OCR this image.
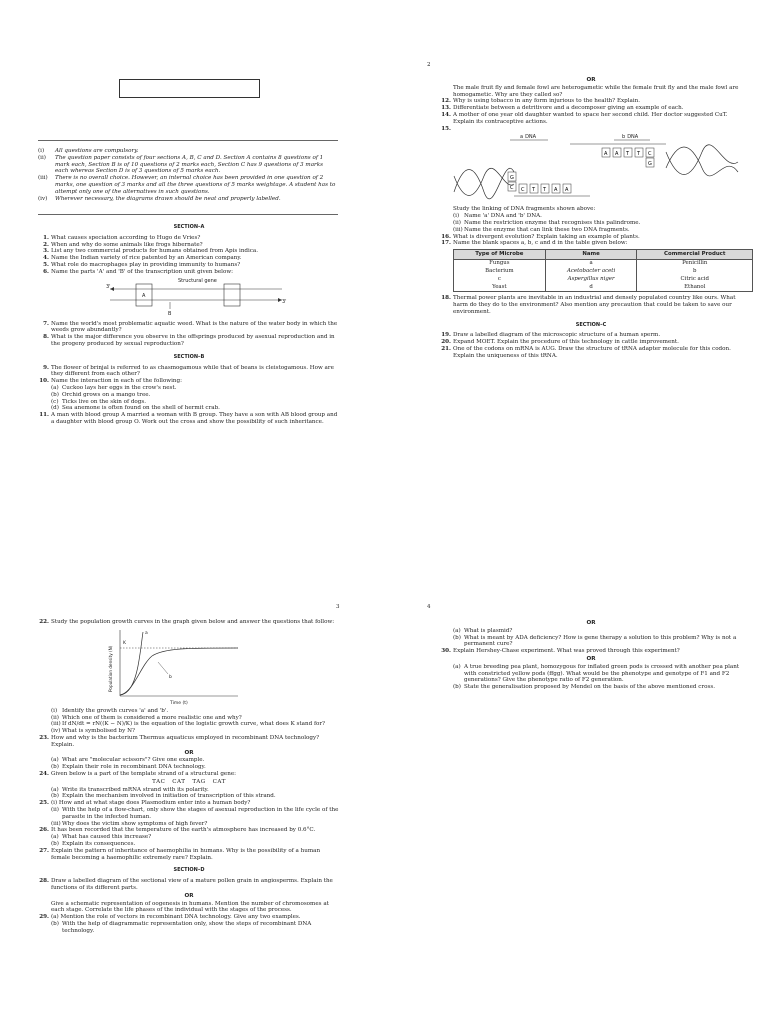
(i)	All questions are compulsory.
(ii)	The question paper consists of four sections A, B, C and D. Section A contains 8 questions of 1 mark each, Section B is of 10 questions of 2 marks each, Section C has 9 questions of 3 marks each whereas Section D is of 3 questions of 5 marks each.
(iii)	There is no overall choice. However, an internal choice has been provided in one question of 2 marks, one question of 3 marks and all the three questions of 5 marks weightage. A student has to attempt only one of the alternatives in such questions.
(iv)	Wherever necessary, the diagrams drawn should be neat and properly labelled.
SECTION–A
1. What causes speciation according to Hugo de Vries?
2. When and why do some animals like frogs hibernate?
3. List any two commercial products for humans obtained from Apis indica.
4. Name the Indian variety of rice patented by an American company.
5. What role do macrophages play in providing immunity to humans?
6. Name the parts 'A' and 'B' of the transcription unit given below:
Structural gene
3'
3'
A
B
7. Name the world's most problematic aquatic weed. What is the nature of the water body in which the weeds grow abundantly?
8. What is the major difference you observe in the offsprings produced by asexual reproduction and in the progeny produced by sexual reproduction?
SECTION–B
9. The flower of brinjal is referred to as chasmogamous while that of beans is cleistogamous. How are they different from each other?
10. Name the interaction in each of the following:
(a) Cuckoo lays her eggs in the crow's nest.
(b) Orchid grows on a mango tree.
(c) Ticks live on the skin of dogs.
(d) Sea anemone is often found on the shell of hermit crab.
11. A man with blood group A married a woman with B group. They have a son with AB blood group and a daughter with blood group O. Work out the cross and show the possibility of such inheritance.
2
OR
The male fruit fly and female fowl are heterogametic while the female fruit fly and the male fowl are homogametic. Why are they called so?
12. Why is using tobacco in any form injurious to the health? Explain.
13. Differentiate between a detritivore and a decomposer giving an example of each.
14. A mother of one year old daughter wanted to space her second child. Her doctor suggested CuT. Explain its contraceptive actions.
15.
a DNA	b DNA
A A T T C
G
G
C C T T A A
Study the linking of DNA fragments shown above:
(i) Name 'a' DNA and 'b' DNA.
(ii) Name the restriction enzyme that recognises this palindrome.
(iii) Name the enzyme that can link these two DNA fragments.
16. What is divergent evolution? Explain taking an example of plants.
17. Name the blank spaces a, b, c and d in the table given below:
Type of Microbe	Name	Commercial Product
Fungus	a	Penicillin
Bacterium	Acetobacter aceti	b
c	Aspergillus niger	Citric acid
Yeast	d	Ethanol
18. Thermal power plants are inevitable in an industrial and densely populated country like ours. What harm do they do to the environment? Also mention any precaution that could be taken to save our environment.
SECTION–C
19. Draw a labelled diagram of the microscopic structure of a human sperm.
20. Expand MOET. Explain the procedure of this technology in cattle improvement.
21. One of the codons on mRNA is AUG. Draw the structure of tRNA adapter molecule for this codon. Explain the uniqueness of this tRNA.
3
22. Study the population growth curves in the graph given below and answer the questions that follow:
Population density (N)
K
a
b
Time (t)
(i) Identify the growth curves 'a' and 'b'.
(ii) Which one of them is considered a more realistic one and why?
(iii) If dN/dt = rN((K − N)/K) is the equation of the logistic growth curve, what does K stand for?
(iv) What is symbolised by N?
23. How and why is the bacterium Thermus aquaticus employed in recombinant DNA technology? Explain.
OR
(a) What are "molecular scissors"? Give one example.
(b) Explain their role in recombinant DNA technology.
24. Given below is a part of the template strand of a structural gene:
TAC   CAT   TAG   CAT
(a) Write its transcribed mRNA strand with its polarity.
(b) Explain the mechanism involved in initiation of transcription of this strand.
25. (i) How and at what stage does Plasmodium enter into a human body?
(ii) With the help of a flow-chart, only show the stages of asexual reproduction in the life cycle of the parasite in the infected human.
(iii) Why does the victim show symptoms of high fever?
26. It has been recorded that the temperature of the earth's atmosphere has increased by 0.6°C.
(a) What has caused this increase?
(b) Explain its consequences.
27. Explain the pattern of inheritance of haemophilia in humans. Why is the possibility of a human female becoming a haemophilic extremely rare? Explain.
SECTION–D
28. Draw a labelled diagram of the sectional view of a mature pollen grain in angiosperms. Explain the functions of its different parts.
OR
Give a schematic representation of oogenesis in humans. Mention the number of chromosomes at each stage. Correlate the life phases of the individual with the stages of the process.
29. (a) Mention the role of vectors in recombinant DNA technology. Give any two examples.
(b) With the help of diagrammatic representation only, show the steps of recombinant DNA technology.
4
OR
(a) What is plasmid?
(b) What is meant by ADA deficiency? How is gene therapy a solution to this problem? Why is not a permanent cure?
30. Explain Hershey-Chase experiment. What was proved through this experiment?
OR
(a) A true breeding pea plant, homozygous for inflated green pods is crossed with another pea plant with constricted yellow pods (ffgg). What would be the phenotype and genotype of F1 and F2 generations? Give the phenotype ratio of F2 generation.
(b) State the generalisation proposed by Mendel on the basis of the above mentioned cross.
